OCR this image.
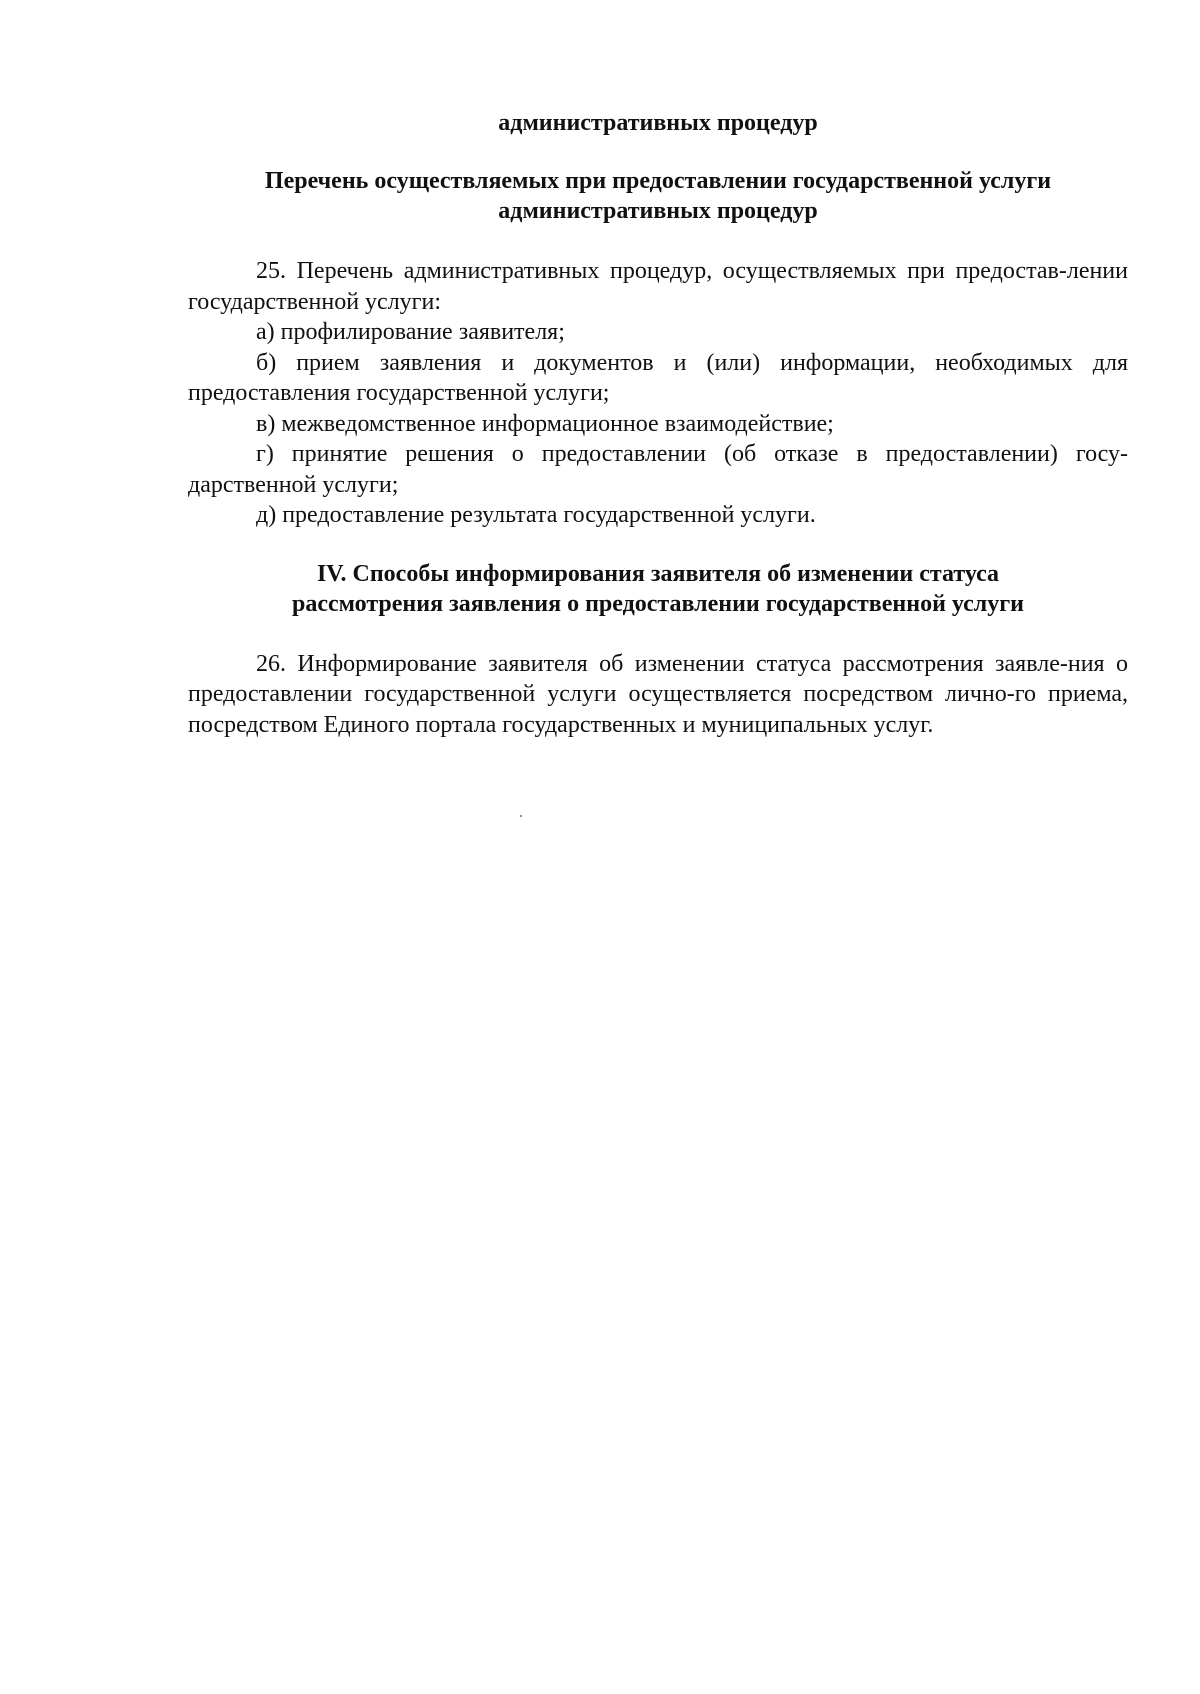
административных процедур

Перечень осуществляемых при предоставлении государственной услуги
административных процедур

25. Перечень административных процедур, осуществляемых при предостав-лении государственной услуги:

а) профилирование заявителя;

б) прием заявления и документов и (или) информации, необходимых для предоставления государственной услуги;

в) межведомственное информационное взаимодействие;

г) принятие решения о предоставлении (об отказе в предоставлении) госу-дарственной услуги;

д) предоставление результата государственной услуги.

IV. Способы информирования заявителя об изменении статуса
рассмотрения заявления о предоставлении государственной услуги

26. Информирование заявителя об изменении статуса рассмотрения заявле-ния о предоставлении государственной услуги осуществляется посредством лично-го приема, посредством Единого портала государственных и муниципальных услуг.
